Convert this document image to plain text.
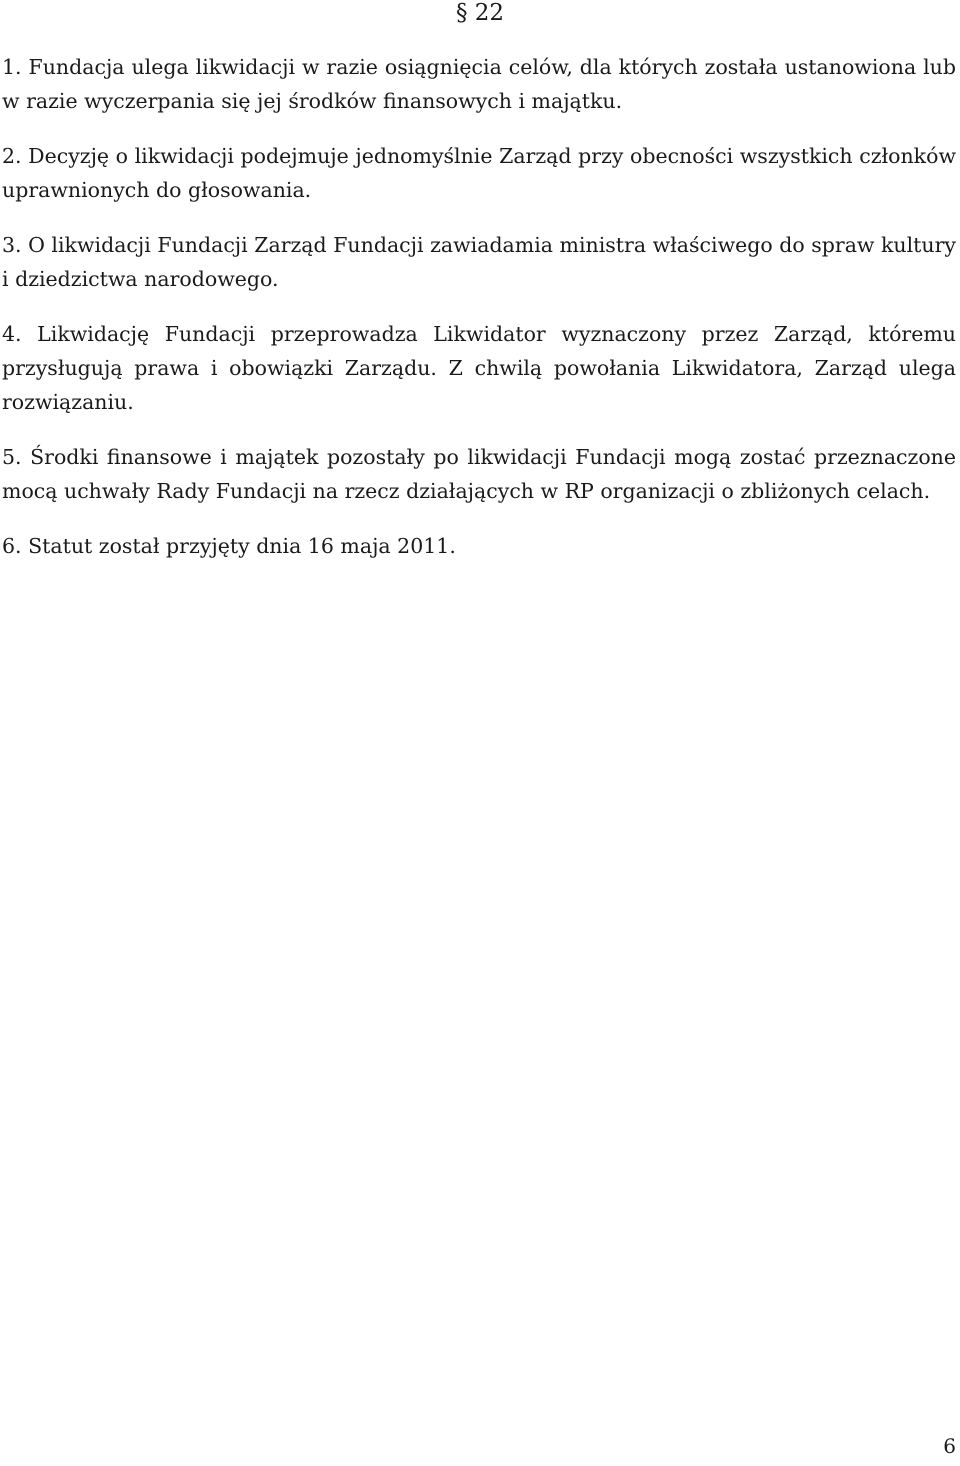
§ 22

1. Fundacja ulega likwidacji w razie osiągnięcia celów, dla których została ustanowiona lub w razie wyczerpania się jej środków finansowych i majątku.

2. Decyzję o likwidacji podejmuje jednomyślnie Zarząd przy obecności wszystkich członków uprawnionych do głosowania.

3. O likwidacji Fundacji Zarząd Fundacji zawiadamia ministra właściwego do spraw kultury i dziedzictwa narodowego.

4. Likwidację Fundacji przeprowadza Likwidator wyznaczony przez Zarząd, któremu przysługują prawa i obowiązki Zarządu. Z chwilą powołania Likwidatora, Zarząd ulega rozwiązaniu.

5. Środki finansowe i majątek pozostały po likwidacji Fundacji mogą zostać przeznaczone mocą uchwały Rady Fundacji na rzecz działających w RP organizacji o zbliżonych celach.

6. Statut został przyjęty dnia 16 maja 2011.

6
